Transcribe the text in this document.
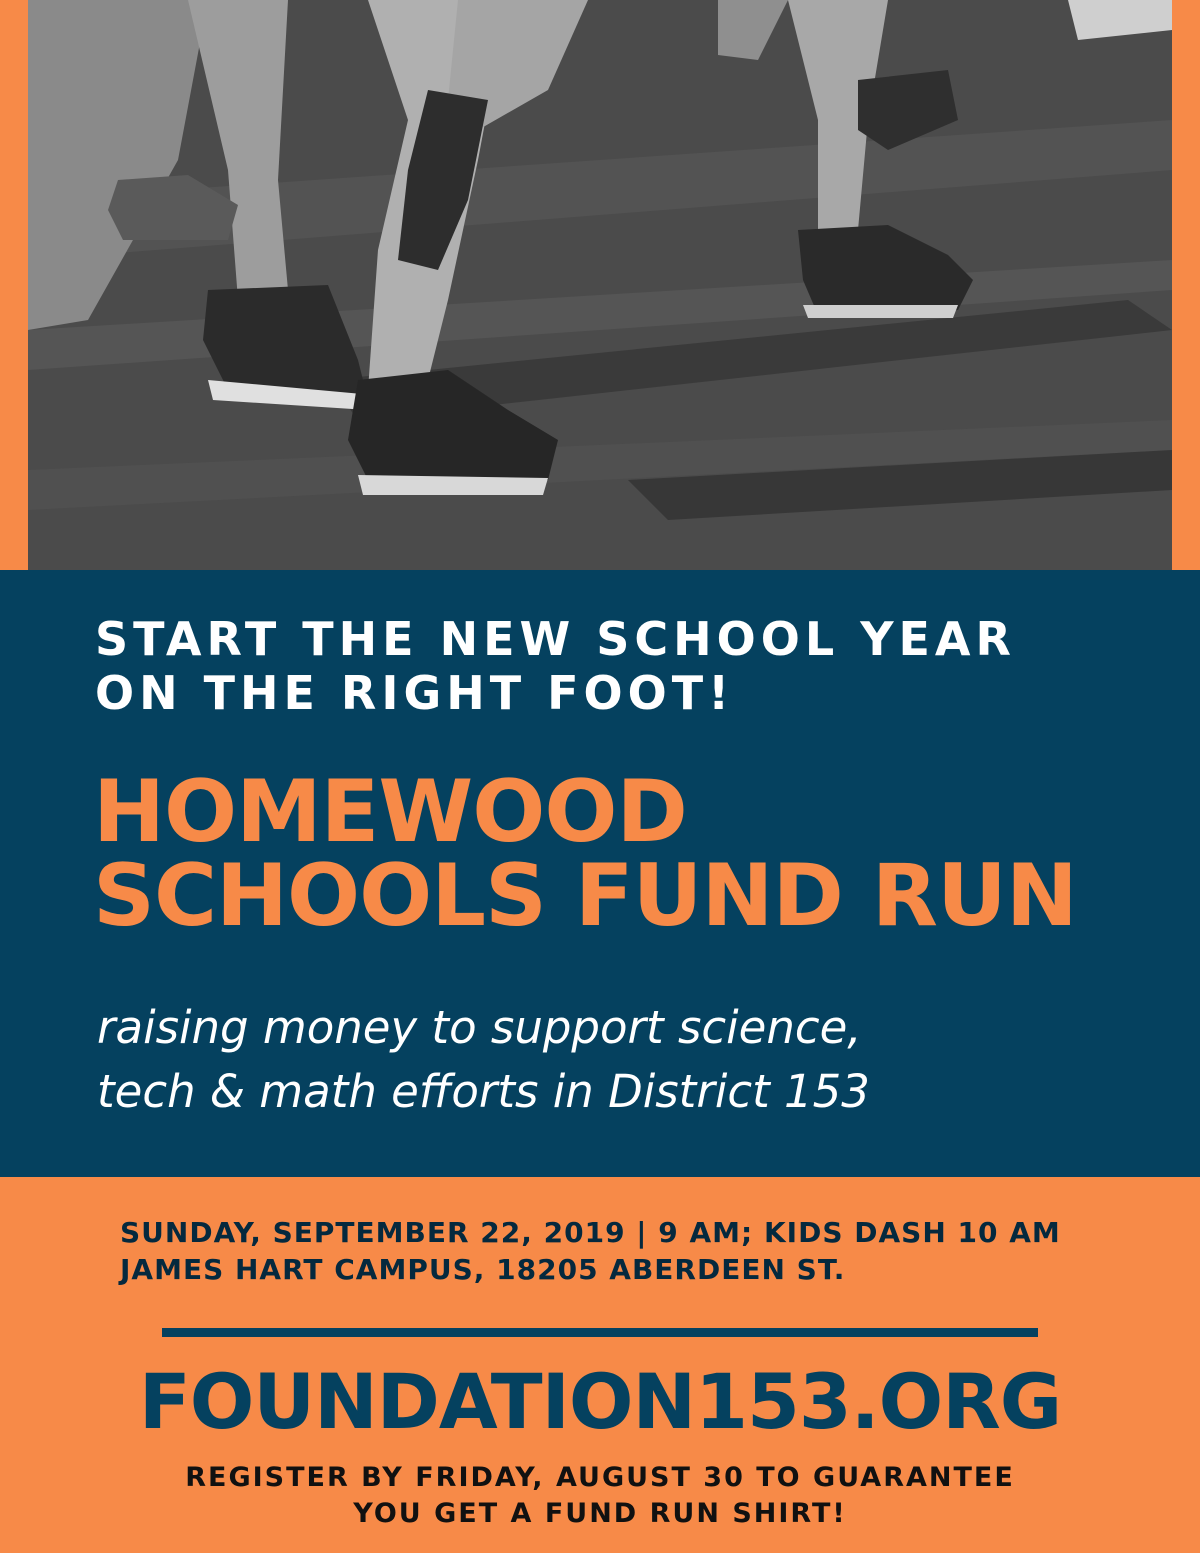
START THE NEW SCHOOL YEAR
ON THE RIGHT FOOT!
HOMEWOOD
SCHOOLS FUND RUN

raising money to support science,
tech & math efforts in District 153

SUNDAY, SEPTEMBER 22, 2019 | 9 AM; KIDS DASH 10 AM
JAMES HART CAMPUS, 18205 ABERDEEN ST.

FOUNDATION153.ORG

REGISTER BY FRIDAY, AUGUST 30 TO GUARANTEE
YOU GET A FUND RUN SHIRT!
